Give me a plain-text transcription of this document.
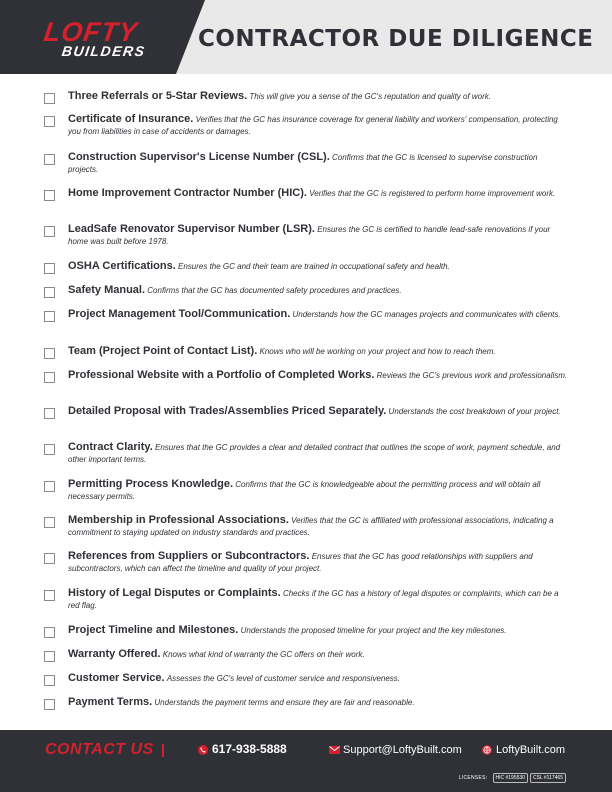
LOFTY
BUILDERS CONTRACTOR DUE DILIGENCE
Three Referrals or 5-Star Reviews. This will give you a sense of the GC's reputation and quality of work.
Certificate of Insurance. Verifies that the GC has insurance coverage for general liability and workers' compensation, protecting you from liabilities in case of accidents or damages.
Construction Supervisor's License Number (CSL). Confirms that the GC is licensed to supervise construction projects.
Home Improvement Contractor Number (HIC). Verifies that the GC is registered to perform home improvement work.
LeadSafe Renovator Supervisor Number (LSR). Ensures the GC is certified to handle lead-safe renovations if your home was built before 1978.
OSHA Certifications. Ensures the GC and their team are trained in occupational safety and health.
Safety Manual. Confirms that the GC has documented safety procedures and practices.
Project Management Tool/Communication. Understands how the GC manages projects and communicates with clients.
Team (Project Point of Contact List). Knows who will be working on your project and how to reach them.
Professional Website with a Portfolio of Completed Works. Reviews the GC's previous work and professionalism.
Detailed Proposal with Trades/Assemblies Priced Separately. Understands the cost breakdown of your project.
Contract Clarity. Ensures that the GC provides a clear and detailed contract that outlines the scope of work, payment schedule, and other important terms.
Permitting Process Knowledge. Confirms that the GC is knowledgeable about the permitting process and will obtain all necessary permits.
Membership in Professional Associations. Verifies that the GC is affiliated with professional associations, indicating a commitment to staying updated on industry standards and practices.
References from Suppliers or Subcontractors. Ensures that the GC has good relationships with suppliers and subcontractors, which can affect the timeline and quality of your project.
History of Legal Disputes or Complaints. Checks if the GC has a history of legal disputes or complaints, which can be a red flag.
Project Timeline and Milestones. Understands the proposed timeline for your project and the key milestones.
Warranty Offered. Knows what kind of warranty the GC offers on their work.
Customer Service. Assesses the GC's level of customer service and responsiveness.
Payment Terms. Understands the payment terms and ensure they are fair and reasonable.
CONTACT US	617-938-5888	Support@LoftyBuilt.com	LoftyBuilt.com
LICENSES: HIC #195530 CSL #117465
